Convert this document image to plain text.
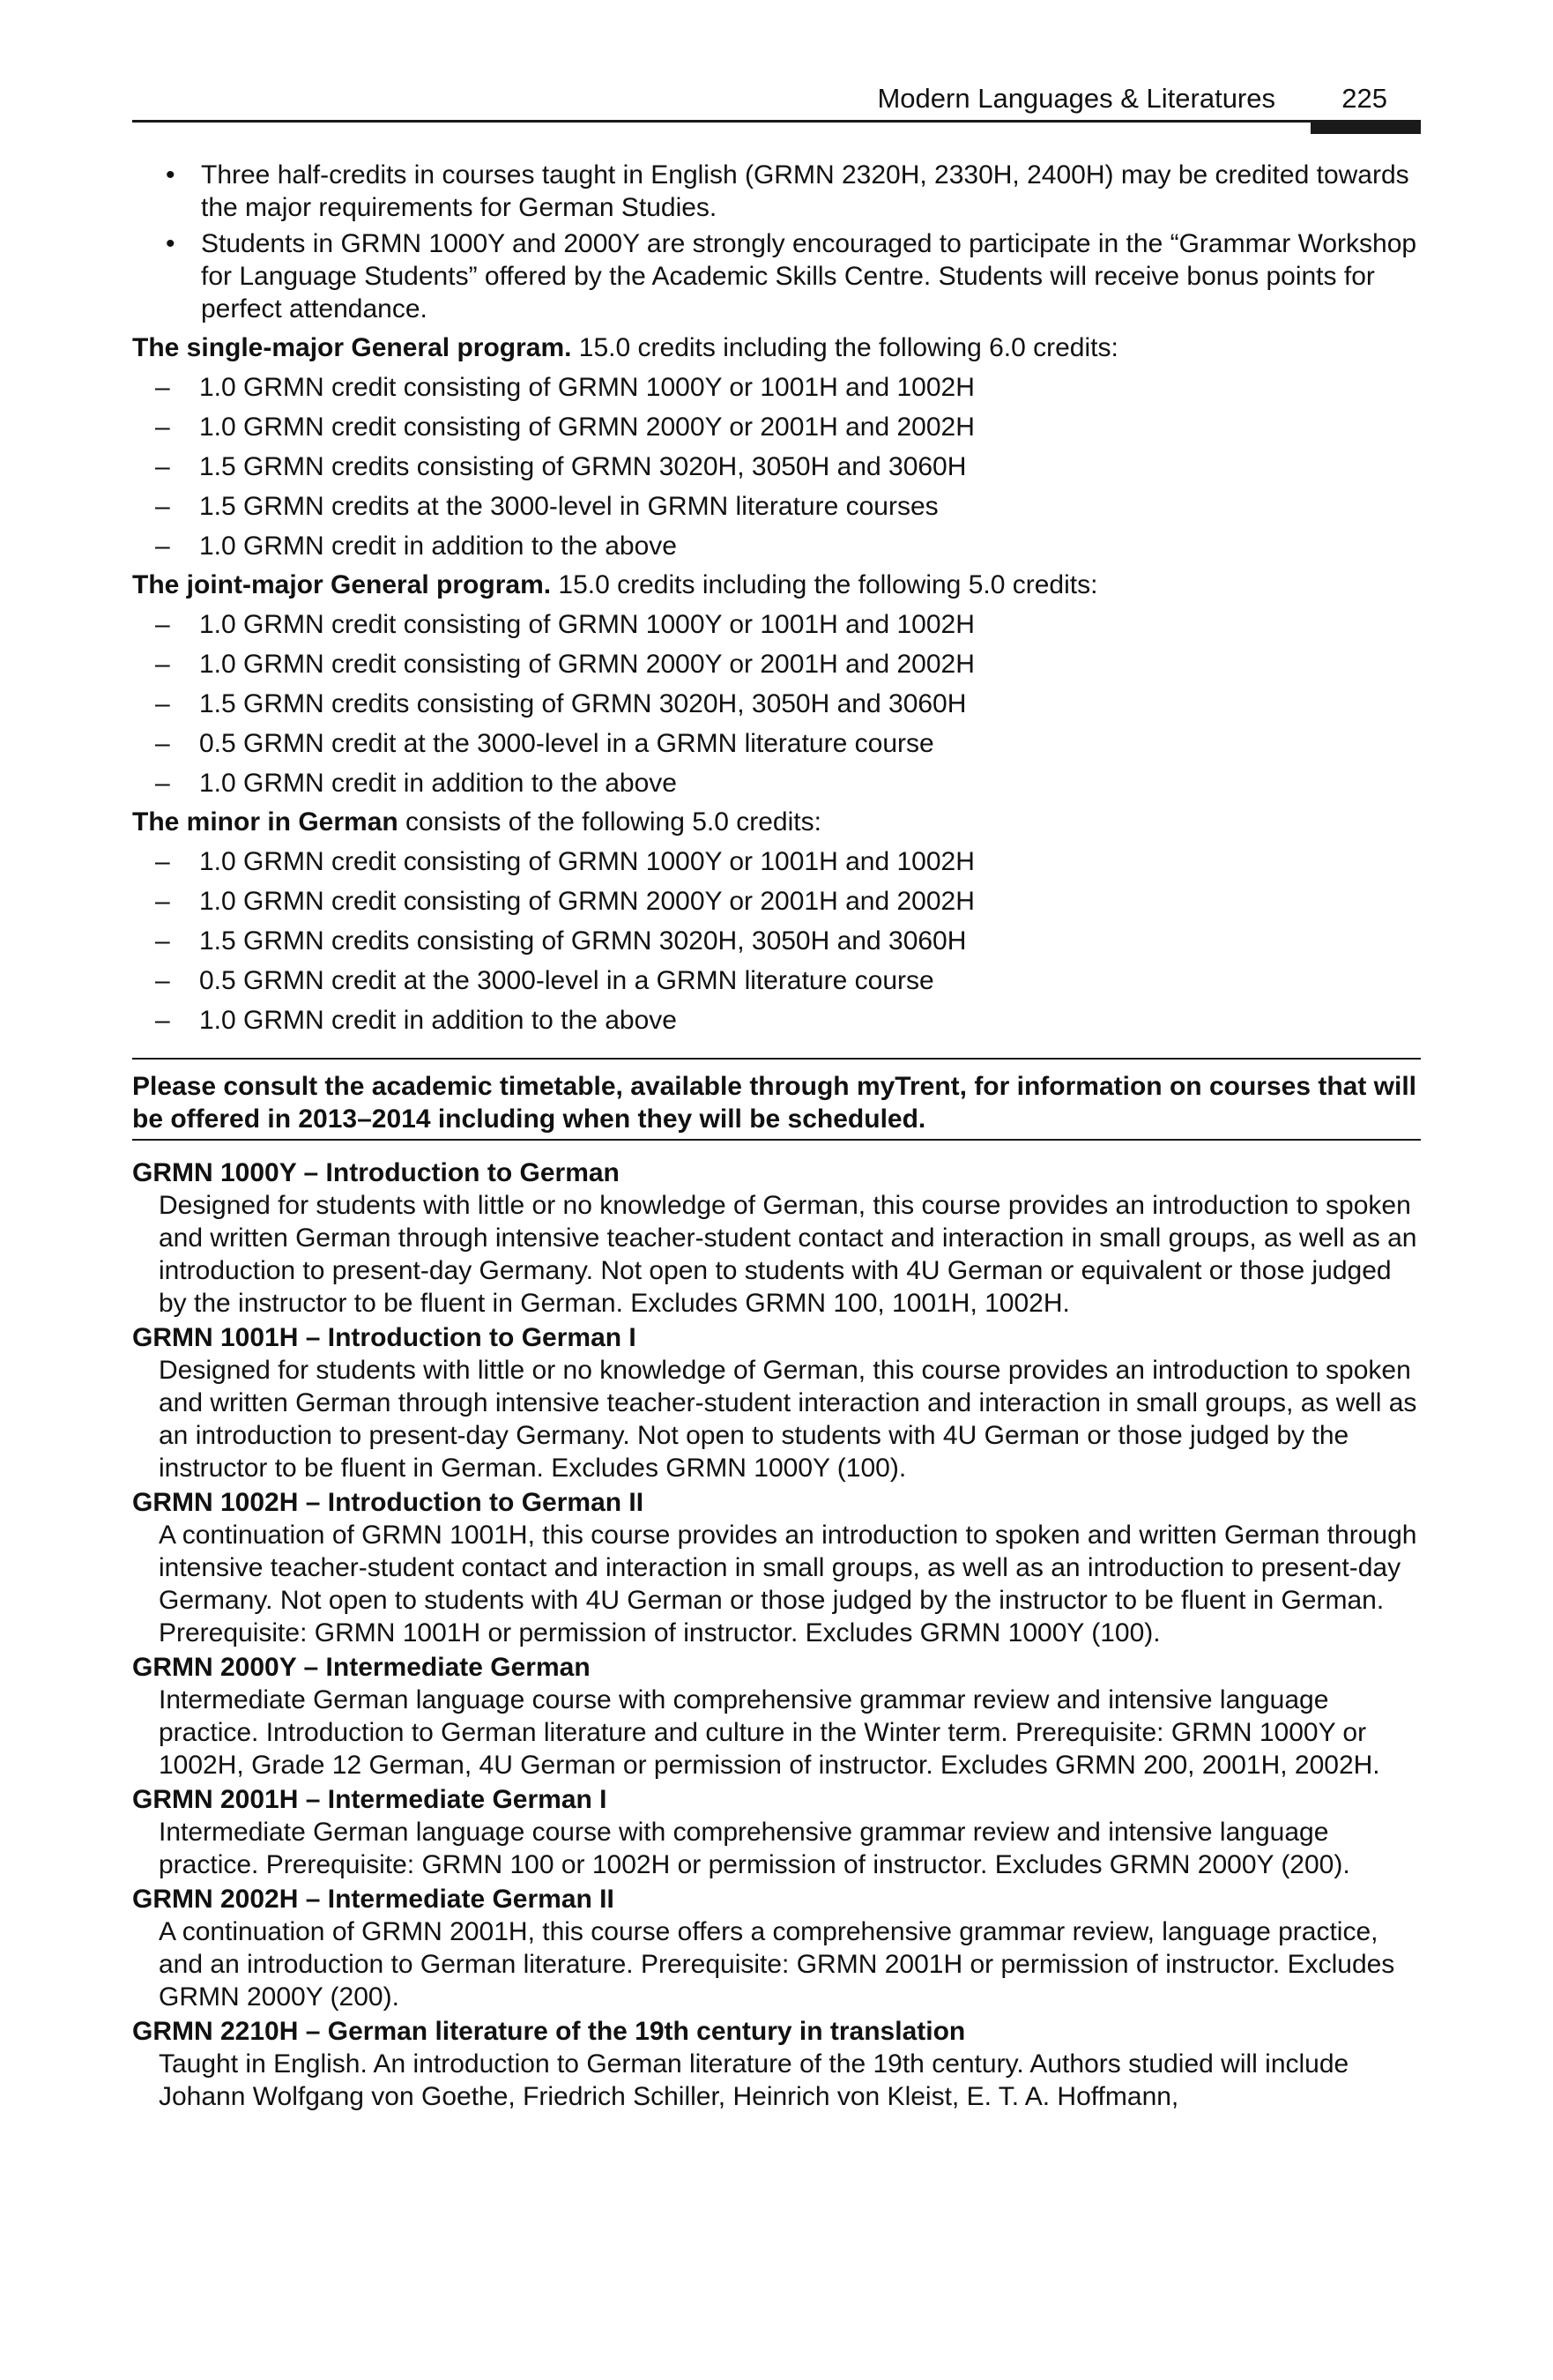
Modern Languages & Literatures 225
• Three half-credits in courses taught in English (GRMN 2320H, 2330H, 2400H) may be credited towards the major requirements for German Studies.
• Students in GRMN 1000Y and 2000Y are strongly encouraged to participate in the “Grammar Workshop for Language Students” offered by the Academic Skills Centre. Students will receive bonus points for perfect attendance.

The single-major General program. 15.0 credits including the following 6.0 credits:

– 1.0 GRMN credit consisting of GRMN 1000Y or 1001H and 1002H
– 1.0 GRMN credit consisting of GRMN 2000Y or 2001H and 2002H
– 1.5 GRMN credits consisting of GRMN 3020H, 3050H and 3060H
– 1.5 GRMN credits at the 3000-level in GRMN literature courses
– 1.0 GRMN credit in addition to the above

The joint-major General program. 15.0 credits including the following 5.0 credits:

– 1.0 GRMN credit consisting of GRMN 1000Y or 1001H and 1002H
– 1.0 GRMN credit consisting of GRMN 2000Y or 2001H and 2002H
– 1.5 GRMN credits consisting of GRMN 3020H, 3050H and 3060H
– 0.5 GRMN credit at the 3000-level in a GRMN literature course
– 1.0 GRMN credit in addition to the above

The minor in German consists of the following 5.0 credits:

– 1.0 GRMN credit consisting of GRMN 1000Y or 1001H and 1002H
– 1.0 GRMN credit consisting of GRMN 2000Y or 2001H and 2002H
– 1.5 GRMN credits consisting of GRMN 3020H, 3050H and 3060H
– 0.5 GRMN credit at the 3000-level in a GRMN literature course
– 1.0 GRMN credit in addition to the above
Please consult the academic timetable, available through myTrent, for information on courses that will be offered in 2013–2014 including when they will be scheduled.

GRMN 1000Y – Introduction to German

Designed for students with little or no knowledge of German, this course provides an introduction to spoken and written German through intensive teacher-student contact and interaction in small groups, as well as an introduction to present-day Germany. Not open to students with 4U German or equivalent or those judged by the instructor to be fluent in German. Excludes GRMN 100, 1001H, 1002H.

GRMN 1001H – Introduction to German I

Designed for students with little or no knowledge of German, this course provides an introduction to spoken and written German through intensive teacher-student interaction and interaction in small groups, as well as an introduction to present-day Germany. Not open to students with 4U German or those judged by the instructor to be fluent in German. Excludes GRMN 1000Y (100).

GRMN 1002H – Introduction to German II

A continuation of GRMN 1001H, this course provides an introduction to spoken and written German through intensive teacher-student contact and interaction in small groups, as well as an introduction to present-day Germany. Not open to students with 4U German or those judged by the instructor to be fluent in German. Prerequisite: GRMN 1001H or permission of instructor. Excludes GRMN 1000Y (100).

GRMN 2000Y – Intermediate German

Intermediate German language course with comprehensive grammar review and intensive language practice. Introduction to German literature and culture in the Winter term. Prerequisite: GRMN 1000Y or 1002H, Grade 12 German, 4U German or permission of instructor. Excludes GRMN 200, 2001H, 2002H.

GRMN 2001H – Intermediate German I

Intermediate German language course with comprehensive grammar review and intensive language practice. Prerequisite: GRMN 100 or 1002H or permission of instructor. Excludes GRMN 2000Y (200).

GRMN 2002H – Intermediate German II

A continuation of GRMN 2001H, this course offers a comprehensive grammar review, language practice, and an introduction to German literature. Prerequisite: GRMN 2001H or permission of instructor. Excludes GRMN 2000Y (200).

GRMN 2210H – German literature of the 19th century in translation

Taught in English. An introduction to German literature of the 19th century. Authors studied will include Johann Wolfgang von Goethe, Friedrich Schiller, Heinrich von Kleist, E. T. A. Hoffmann,
